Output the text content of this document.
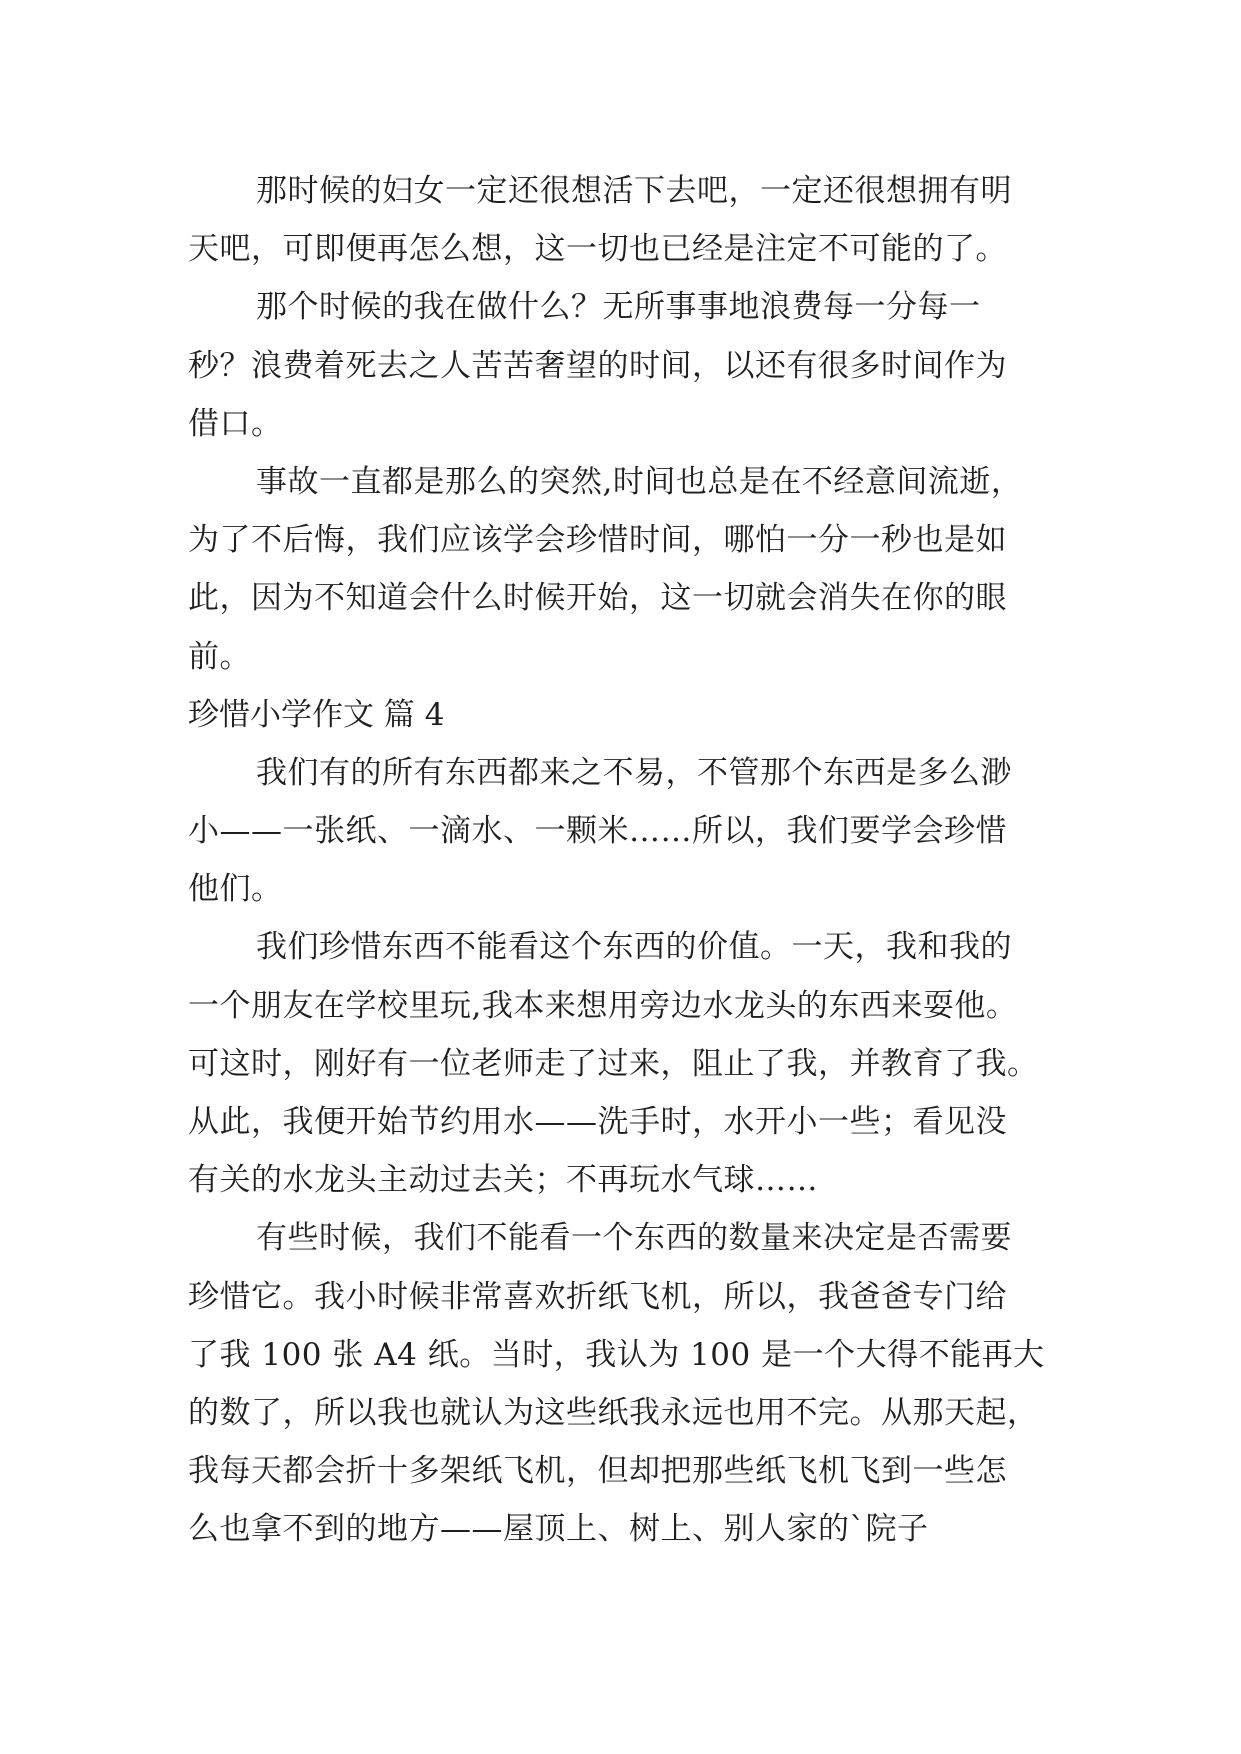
那时候的妇女一定还很想活下去吧，一定还很想拥有明
天吧，可即便再怎么想，这一切也已经是注定不可能的了。
那个时候的我在做什么？无所事事地浪费每一分每一
秒？浪费着死去之人苦苦奢望的时间，以还有很多时间作为
借口。
事故一直都是那么的突然,时间也总是在不经意间流逝，
为了不后悔，我们应该学会珍惜时间，哪怕一分一秒也是如
此，因为不知道会什么时候开始，这一切就会消失在你的眼
前。
珍惜小学作文 篇 4
我们有的所有东西都来之不易，不管那个东西是多么渺
小——一张纸、一滴水、一颗米……所以，我们要学会珍惜
他们。
我们珍惜东西不能看这个东西的价值。一天，我和我的
一个朋友在学校里玩,我本来想用旁边水龙头的东西来耍他。
可这时，刚好有一位老师走了过来，阻止了我，并教育了我。
从此，我便开始节约用水——洗手时，水开小一些；看见没
有关的水龙头主动过去关；不再玩水气球……
有些时候，我们不能看一个东西的数量来决定是否需要
珍惜它。我小时候非常喜欢折纸飞机，所以，我爸爸专门给
了我 100 张 A4 纸。当时，我认为 100 是一个大得不能再大
的数了，所以我也就认为这些纸我永远也用不完。从那天起，
我每天都会折十多架纸飞机，但却把那些纸飞机飞到一些怎
么也拿不到的地方——屋顶上、树上、别人家的`院子
